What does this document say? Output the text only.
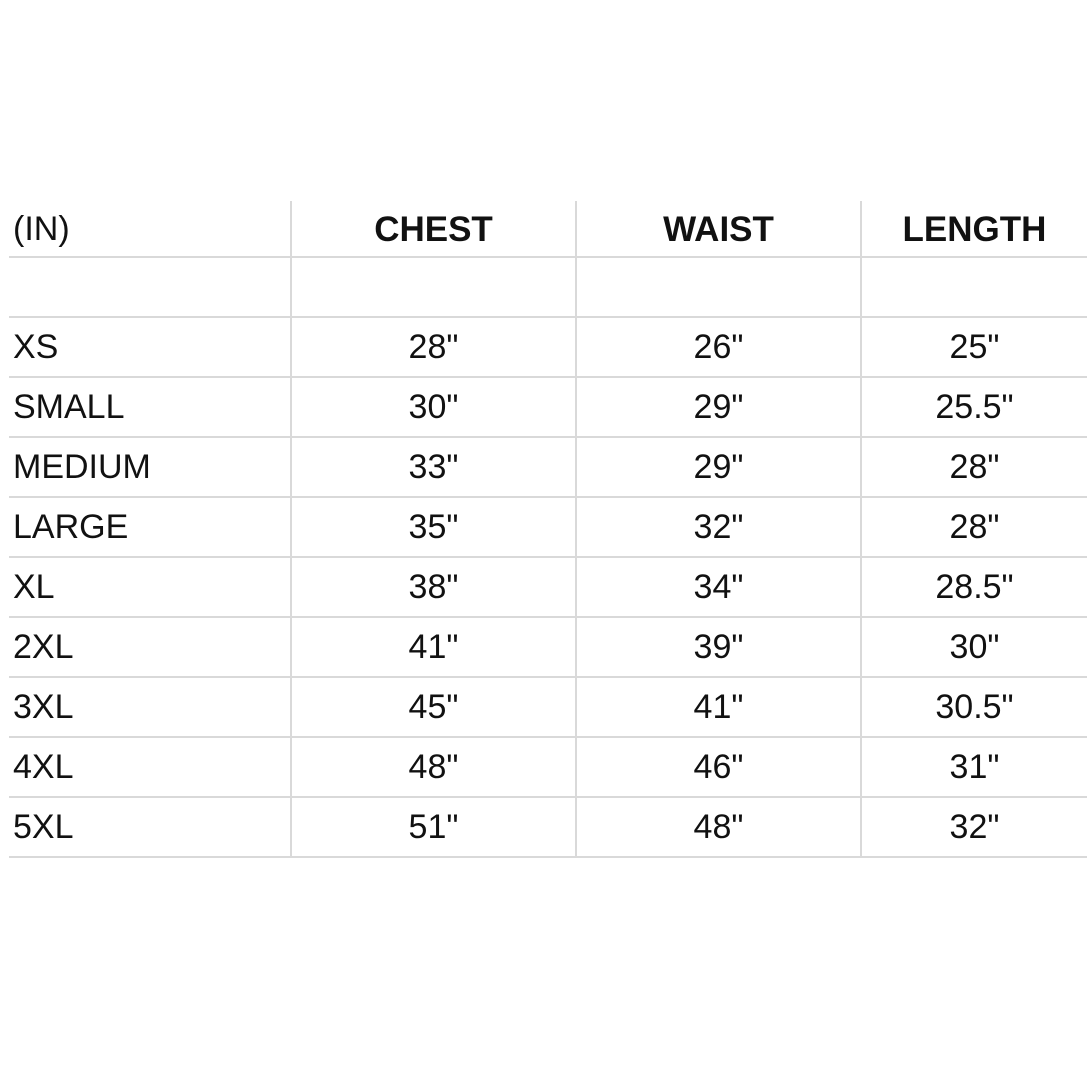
(IN)	CHEST	WAIST	LENGTH

XS	28"	26"	25"
SMALL	30"	29"	25.5"
MEDIUM	33"	29"	28"
LARGE	35"	32"	28"
XL	38"	34"	28.5"
2XL	41"	39"	30"
3XL	45"	41"	30.5"
4XL	48"	46"	31"
5XL	51"	48"	32"
